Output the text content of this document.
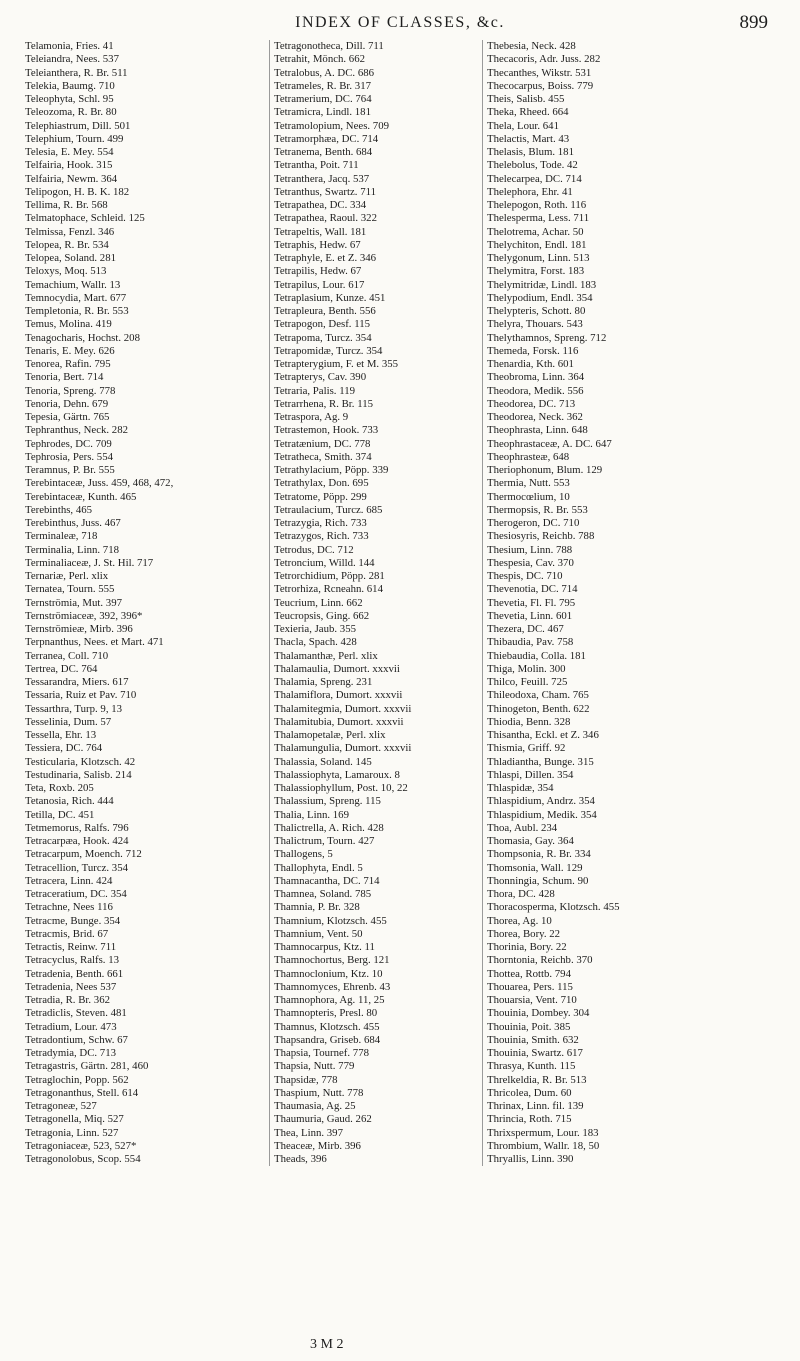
INDEX OF CLASSES, &c.	899
Telamonia, Fries. 41
Teleiandra, Nees. 537
Teleianthera, R. Br. 511
Telekia, Baumg. 710
Teleophyta, Schl. 95
Teleozoma, R. Br. 80
Telephiastrum, Dill. 501
Telephium, Tourn. 499
Telesia, E. Mey. 554
Telfairia, Hook. 315
Telfairia, Newm. 364
Telipogon, H. B. K. 182
Tellima, R. Br. 568
Telmatophace, Schleid. 125
Telmissa, Fenzl. 346
Telopea, R. Br. 534
Telopea, Soland. 281
Teloxys, Moq. 513
Temachium, Wallr. 13
Temnocydia, Mart. 677
Templetonia, R. Br. 553
Temus, Molina. 419
Tenagocharis, Hochst. 208
Tenaris, E. Mey. 626
Tenorea, Rafin. 795
Tenoria, Bert. 714
Tenoria, Spreng. 778
Tenoria, Dehn. 679
Tepesia, Gärtn. 765
Tephranthus, Neck. 282
Tephrodes, DC. 709
Tephrosia, Pers. 554
Teramnus, P. Br. 555
Terebintaceæ, Juss. 459, 468, 472,
Terebintaceæ, Kunth. 465
Terebinths, 465
Terebinthus, Juss. 467
Terminaleæ, 718
Terminalia, Linn. 718
Terminaliaceæ, J. St. Hil. 717
Ternariæ, Perl. xlix
Ternatea, Tourn. 555
Ternströmia, Mut. 397
Ternströmiaceæ, 392, 396*
Ternströmieæ, Mirb. 396
Terpnanthus, Nees. et Mart. 471
Terranea, Coll. 710
Tertrea, DC. 764
Tessarandra, Miers. 617
Tessaria, Ruiz et Pav. 710
Tessarthra, Turp. 9, 13
Tesselinia, Dum. 57
Tessella, Ehr. 13
Tessiera, DC. 764
Testicularia, Klotzsch. 42
Testudinaria, Salisb. 214
Teta, Roxb. 205
Tetanosia, Rich. 444
Tetilla, DC. 451
Tetmemorus, Ralfs. 796
Tetracarpæa, Hook. 424
Tetracarpum, Moench. 712
Tetracellion, Turcz. 354
Tetracera, Linn. 424
Tetraceratium, DC. 354
Tetrachne, Nees 116
Tetracme, Bunge. 354
Tetracmis, Brid. 67
Tetractis, Reinw. 711
Tetracyclus, Ralfs. 13
Tetradenia, Benth. 661
Tetradenia, Nees 537
Tetradia, R. Br. 362
Tetradiclis, Steven. 481
Tetradium, Lour. 473
Tetradontium, Schw. 67
Tetradymia, DC. 713
Tetragastris, Gärtn. 281, 460
Tetraglochin, Popp. 562
Tetragonanthus, Stell. 614
Tetragoneæ, 527
Tetragonella, Miq. 527
Tetragonia, Linn. 527
Tetragoniaceæ, 523, 527*
Tetragonolobus, Scop. 554
Tetragonotheca, Dill. 711
Tetrahit, Mönch. 662
Tetralobus, A. DC. 686
Tetrameles, R. Br. 317
Tetramerium, DC. 764
Tetramicra, Lindl. 181
Tetramolopium, Nees. 709
Tetramorphæa, DC. 714
Tetranema, Benth. 684
Tetrantha, Poit. 711
Tetranthera, Jacq. 537
Tetranthus, Swartz. 711
Tetrapathea, DC. 334
Tetrapathea, Raoul. 322
Tetrapeltis, Wall. 181
Tetraphis, Hedw. 67
Tetraphyle, E. et Z. 346
Tetrapilis, Hedw. 67
Tetrapilus, Lour. 617
Tetraplasium, Kunze. 451
Tetrapleura, Benth. 556
Tetrapogon, Desf. 115
Tetrapoma, Turcz. 354
Tetrapomidæ, Turcz. 354
Tetrapterygium, F. et M. 355
Tetrapterys, Cav. 390
Tetraria, Palis. 119
Tetrarrhena, R. Br. 115
Tetraspora, Ag. 9
Tetrastemon, Hook. 733
Tetratænium, DC. 778
Tetratheca, Smith. 374
Tetrathylacium, Pöpp. 339
Tetrathylax, Don. 695
Tetratome, Pöpp. 299
Tetraulacium, Turcz. 685
Tetrazygia, Rich. 733
Tetrazygos, Rich. 733
Tetrodus, DC. 712
Tetroncium, Willd. 144
Tetrorchidium, Pöpp. 281
Tetrorhiza, Rcneahn. 614
Teucrium, Linn. 662
Teucropsis, Ging. 662
Texieria, Jaub. 355
Thacla, Spach. 428
Thalamanthæ, Perl. xlix
Thalamaulia, Dumort. xxxvii
Thalamia, Spreng. 231
Thalamiflora, Dumort. xxxvii
Thalamitegmia, Dumort. xxxvii
Thalamitubia, Dumort. xxxvii
Thalamopetalæ, Perl. xlix
Thalamungulia, Dumort. xxxvii
Thalassia, Soland. 145
Thalassiophyta, Lamaroux. 8
Thalassiophyllum, Post. 10, 22
Thalassium, Spreng. 115
Thalia, Linn. 169
Thalictrella, A. Rich. 428
Thalictrum, Tourn. 427
Thallogens, 5
Thallophyta, Endl. 5
Thamnacantha, DC. 714
Thamnea, Soland. 785
Thamnia, P. Br. 328
Thamnium, Klotzsch. 455
Thamnium, Vent. 50
Thamnocarpus, Ktz. 11
Thamnochortus, Berg. 121
Thamnoclonium, Ktz. 10
Thamnomyces, Ehrenb. 43
Thamnophora, Ag. 11, 25
Thamnopteris, Presl. 80
Thamnus, Klotzsch. 455
Thapsandra, Griseb. 684
Thapsia, Tournef. 778
Thapsia, Nutt. 779
Thapsidæ, 778
Thaspium, Nutt. 778
Thaumasia, Ag. 25
Thaumuria, Gaud. 262
Thea, Linn. 397
Theaceæ, Mirb. 396
Theads, 396
Thebesia, Neck. 428
Thecacoris, Adr. Juss. 282
Thecanthes, Wikstr. 531
Thecocarpus, Boiss. 779
Theis, Salisb. 455
Theka, Rheed. 664
Thela, Lour. 641
Thelactis, Mart. 43
Thelasis, Blum. 181
Thelebolus, Tode. 42
Thelecarpea, DC. 714
Thelephora, Ehr. 41
Thelepogon, Roth. 116
Thelesperma, Less. 711
Thelotrema, Achar. 50
Thelychiton, Endl. 181
Thelygonum, Linn. 513
Thelymitra, Forst. 183
Thelymitridæ, Lindl. 183
Thelypodium, Endl. 354
Thelypteris, Schott. 80
Thelyra, Thouars. 543
Thelythamnos, Spreng. 712
Themeda, Forsk. 116
Thenardia, Kth. 601
Theobroma, Linn. 364
Theodora, Medik. 556
Theodorea, DC. 713
Theodorea, Neck. 362
Theophrasta, Linn. 648
Theophrastaceæ, A. DC. 647
Theophrasteæ, 648
Theriophonum, Blum. 129
Thermia, Nutt. 553
Thermocœlium, 10
Thermopsis, R. Br. 553
Therogeron, DC. 710
Thesiosyris, Reichb. 788
Thesium, Linn. 788
Thespesia, Cav. 370
Thespis, DC. 710
Thevenotia, DC. 714
Thevetia, Fl. Fl. 795
Thevetia, Linn. 601
Thezera, DC. 467
Thibaudia, Pav. 758
Thiebaudia, Colla. 181
Thiga, Molin. 300
Thilco, Feuill. 725
Thileodoxa, Cham. 765
Thinogeton, Benth. 622
Thiodia, Benn. 328
Thisantha, Eckl. et Z. 346
Thismia, Griff. 92
Thladiantha, Bunge. 315
Thlaspi, Dillen. 354
Thlaspidæ, 354
Thlaspidium, Andrz. 354
Thlaspidium, Medik. 354
Thoa, Aubl. 234
Thomasia, Gay. 364
Thompsonia, R. Br. 334
Thomsonia, Wall. 129
Thonningia, Schum. 90
Thora, DC. 428
Thoracosperma, Klotzsch. 455
Thorea, Ag. 10
Thorea, Bory. 22
Thorinia, Bory. 22
Thorntonia, Reichb. 370
Thottea, Rottb. 794
Thouarea, Pers. 115
Thouarsia, Vent. 710
Thouinia, Dombey. 304
Thouinia, Poit. 385
Thouinia, Smith. 632
Thouinia, Swartz. 617
Thrasya, Kunth. 115
Threlkeldia, R. Br. 513
Thricolea, Dum. 60
Thrinax, Linn. fil. 139
Thrincia, Roth. 715
Thrixspermum, Lour. 183
Thrombium, Wallr. 18, 50
Thryallis, Linn. 390
3 M 2
